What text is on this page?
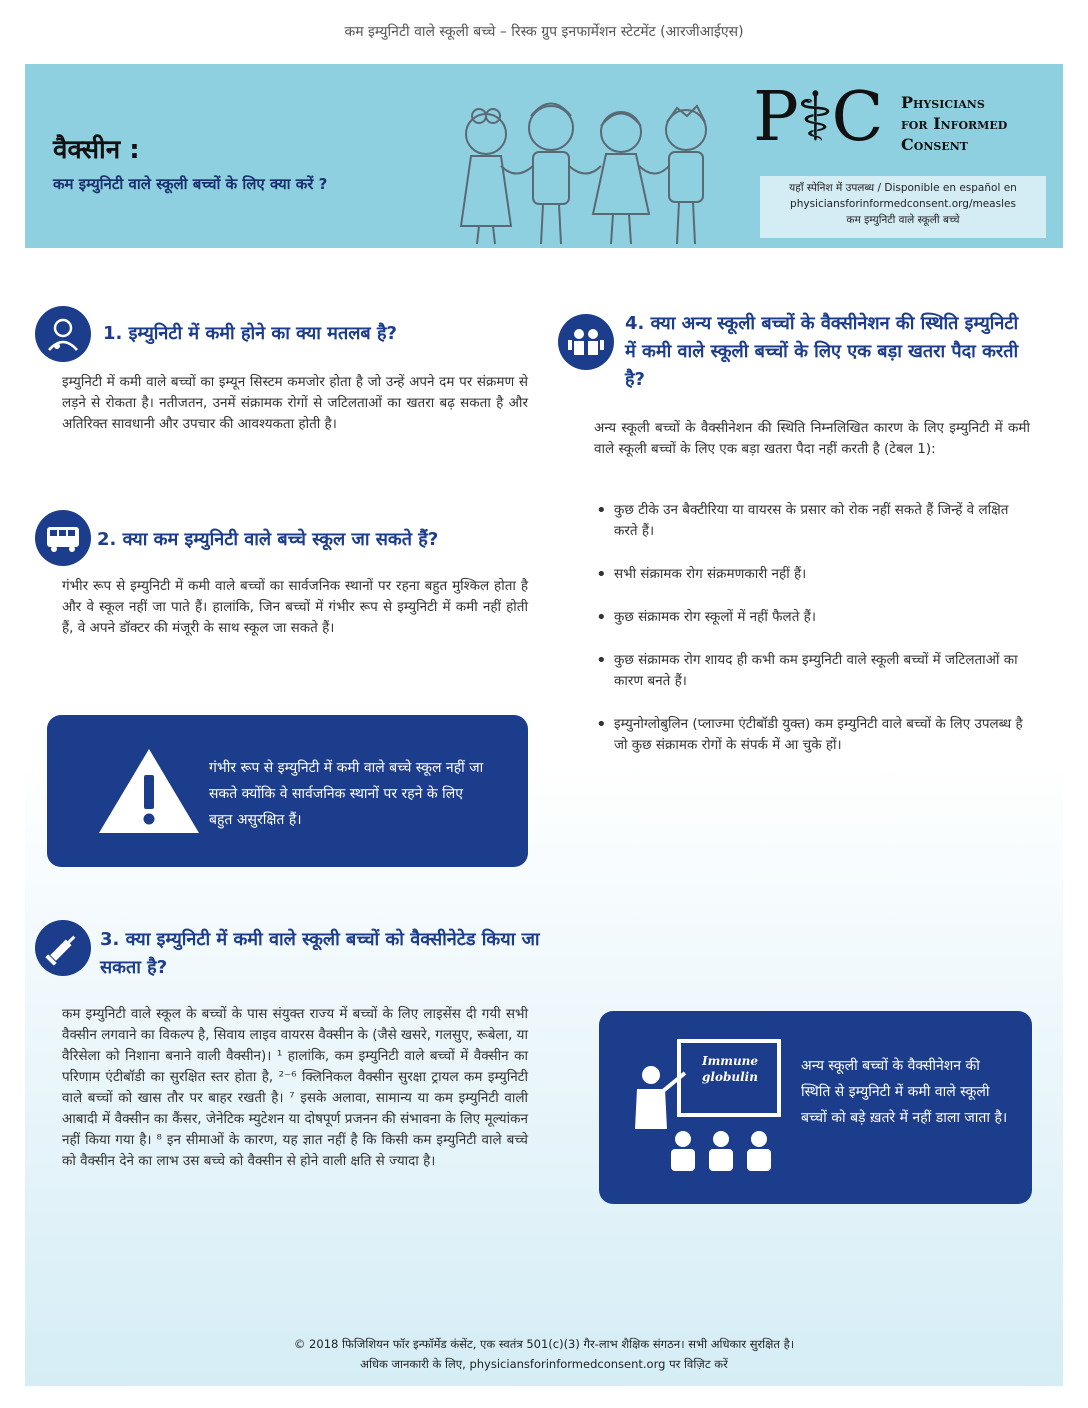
कम इम्युनिटी वाले स्कूली बच्चे – रिस्क ग्रुप इनफार्मेशन स्टेटमेंट (आरजीआईएस)
वैक्सीन :
कम इम्युनिटी वाले स्कूली बच्चों के लिए क्या करें ?
P⚕C Physicians
for Informed
Consent
यहाँ स्पेनिश में उपलब्ध / Disponible en español en
physiciansforinformedconsent.org/measles
कम इम्युनिटी वाले स्कूली बच्चे
1. इम्युनिटी में कमी होने का क्या मतलब है?
इम्युनिटी में कमी वाले बच्चों का इम्यून सिस्टम कमजोर होता है जो उन्हें अपने दम पर संक्रमण से लड़ने से रोकता है। नतीजतन, उनमें संक्रामक रोगों से जटिलताओं का खतरा बढ़ सकता है और अतिरिक्त सावधानी और उपचार की आवश्यकता होती है।
2. क्या कम इम्युनिटी वाले बच्चे स्कूल जा सकते हैं?
गंभीर रूप से इम्युनिटी में कमी वाले बच्चों का सार्वजनिक स्थानों पर रहना बहुत मुश्किल होता है और वे स्कूल नहीं जा पाते हैं। हालांकि, जिन बच्चों में गंभीर रूप से इम्युनिटी में कमी नहीं होती हैं, वे अपने डॉक्टर की मंजूरी के साथ स्कूल जा सकते हैं।
गंभीर रूप से इम्युनिटी में कमी वाले बच्चे स्कूल नहीं जा सकते क्योंकि वे सार्वजनिक स्थानों पर रहने के लिए बहुत असुरक्षित हैं।
3. क्या इम्युनिटी में कमी वाले स्कूली बच्चों को वैक्सीनेटेड किया जा सकता है?
कम इम्युनिटी वाले स्कूल के बच्चों के पास संयुक्त राज्य में बच्चों के लिए लाइसेंस दी गयी सभी वैक्सीन लगवाने का विकल्प है, सिवाय लाइव वायरस वैक्सीन के (जैसे खसरे, गलसुए, रूबेला, या वैरिसेला को निशाना बनाने वाली वैक्सीन)। ¹ हालांकि, कम इम्युनिटी वाले बच्चों में वैक्सीन का परिणाम एंटीबॉडी का सुरक्षित स्तर होता है, ²⁻⁶ क्लिनिकल वैक्सीन सुरक्षा ट्रायल कम इम्युनिटी वाले बच्चों को खास तौर पर बाहर रखती है। ⁷ इसके अलावा, सामान्य या कम इम्युनिटी वाली आबादी में वैक्सीन का कैंसर, जेनेटिक म्युटेशन या दोषपूर्ण प्रजनन की संभावना के लिए मूल्यांकन नहीं किया गया है। ⁸ इन सीमाओं के कारण, यह ज्ञात नहीं है कि किसी कम इम्युनिटी वाले बच्चे को वैक्सीन देने का लाभ उस बच्चे को वैक्सीन से होने वाली क्षति से ज्यादा है।
4. क्या अन्य स्कूली बच्चों के वैक्सीनेशन की स्थिति इम्युनिटी में कमी वाले स्कूली बच्चों के लिए एक बड़ा खतरा पैदा करती है?
अन्य स्कूली बच्चों के वैक्सीनेशन की स्थिति निम्नलिखित कारण के लिए इम्युनिटी में कमी वाले स्कूली बच्चों के लिए एक बड़ा खतरा पैदा नहीं करती है (टेबल 1):
• कुछ टीके उन बैक्टीरिया या वायरस के प्रसार को रोक नहीं सकते हैं जिन्हें वे लक्षित करते हैं।
• सभी संक्रामक रोग संक्रमणकारी नहीं हैं।
• कुछ संक्रामक रोग स्कूलों में नहीं फैलते हैं।
• कुछ संक्रामक रोग शायद ही कभी कम इम्युनिटी वाले स्कूली बच्चों में जटिलताओं का कारण बनते हैं।
• इम्युनोग्लोबुलिन (प्लाज्मा एंटीबॉडी युक्त) कम इम्युनिटी वाले बच्चों के लिए उपलब्ध है जो कुछ संक्रामक रोगों के संपर्क में आ चुके हों।
Immune
globulin
अन्य स्कूली बच्चों के वैक्सीनेशन की स्थिति से इम्युनिटी में कमी वाले स्कूली बच्चों को बड़े ख़तरे में नहीं डाला जाता है।
© 2018 फिजिशियन फॉर इन्फॉर्मेड कंसेंट, एक स्वतंत्र 501(c)(3) गैर-लाभ शैक्षिक संगठन। सभी अधिकार सुरक्षित है।
अधिक जानकारी के लिए, physiciansforinformedconsent.org पर विज़िट करें
